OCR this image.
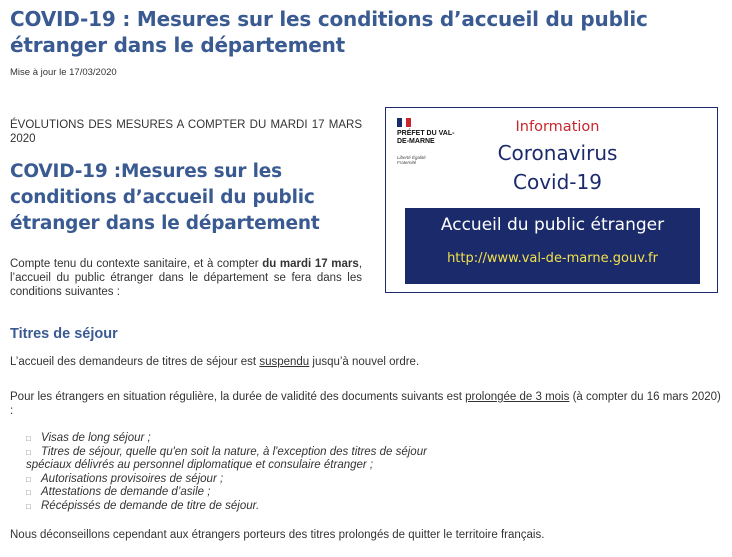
COVID-19 : Mesures sur les conditions d’accueil du public étranger dans le département
Mise à jour le 17/03/2020

ÉVOLUTIONS DES MESURES A COMPTER DU MARDI 17 MARS 2020

COVID-19 :Mesures sur les conditions d’accueil du public étranger dans le département

Compte tenu du contexte sanitaire, et à compter du mardi 17 mars, l’accueil du public étranger dans le département se fera dans les conditions suivantes :

PRÉFET DU VAL-DE-MARNE
Liberté Égalité Fraternité
Information
Coronavirus
Covid-19
Accueil du public étranger
http://www.val-de-marne.gouv.fr
Titres de séjour

L’accueil des demandeurs de titres de séjour est suspendu jusqu’à nouvel ordre.

Pour les étrangers en situation régulière, la durée de validité des documents suivants est prolongée de 3 mois (à compter du 16 mars 2020) :

□ Visas de long séjour ;
□ Titres de séjour, quelle qu'en soit la nature, à l'exception des titres de séjour
spéciaux délivrés au personnel diplomatique et consulaire étranger ;
□ Autorisations provisoires de séjour ;
□ Attestations de demande d’asile ;
□ Récépissés de demande de titre de séjour.

Nous déconseillons cependant aux étrangers porteurs des titres prolongés de quitter le territoire français.
